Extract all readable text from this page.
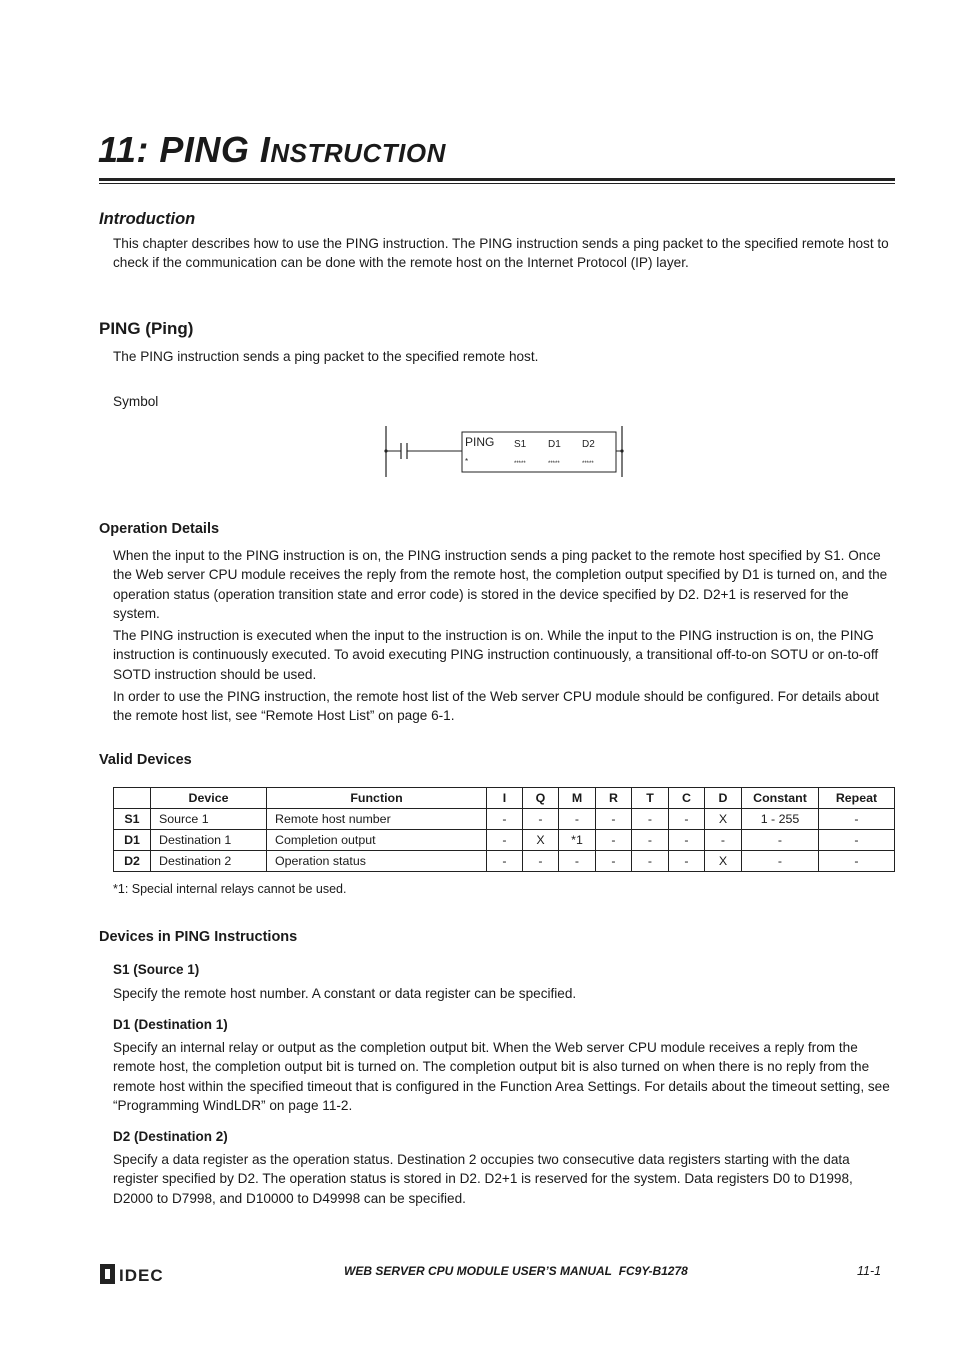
11: PING INSTRUCTION
Introduction
This chapter describes how to use the PING instruction. The PING instruction sends a ping packet to the specified remote host to check if the communication can be done with the remote host on the Internet Protocol (IP) layer.
PING (Ping)
The PING instruction sends a ping packet to the specified remote host.
Symbol
PING S1 D1 D2
*	*****	*****	*****
Operation Details
When the input to the PING instruction is on, the PING instruction sends a ping packet to the remote host specified by S1. Once the Web server CPU module receives the reply from the remote host, the completion output specified by D1 is turned on, and the operation status (operation transition state and error code) is stored in the device specified by D2. D2+1 is reserved for the system.
The PING instruction is executed when the input to the instruction is on. While the input to the PING instruction is on, the PING instruction is continuously executed. To avoid executing PING instruction continuously, a transitional off-to-on SOTU or on-to-off SOTD instruction should be used.
In order to use the PING instruction, the remote host list of the Web server CPU module should be configured. For details about the remote host list, see “Remote Host List” on page 6-1.
Valid Devices
	Device	Function	I	Q	M	R	T	C	D	Constant	Repeat
S1	Source 1	Remote host number	-	-	-	-	-	-	X	1 - 255	-
D1	Destination 1	Completion output	-	X	*1	-	-	-	-	-	-
D2	Destination 2	Operation status	-	-	-	-	-	-	X	-	-
*1: Special internal relays cannot be used.
Devices in PING Instructions
S1 (Source 1)
Specify the remote host number. A constant or data register can be specified.
D1 (Destination 1)
Specify an internal relay or output as the completion output bit. When the Web server CPU module receives a reply from the remote host, the completion output bit is turned on. The completion output bit is also turned on when there is no reply from the remote host within the specified timeout that is configured in the Function Area Settings. For details about the timeout setting, see “Programming WindLDR” on page 11-2.
D2 (Destination 2)
Specify a data register as the operation status. Destination 2 occupies two consecutive data registers starting with the data register specified by D2. The operation status is stored in D2. D2+1 is reserved for the system. Data registers D0 to D1998, D2000 to D7998, and D10000 to D49998 can be specified.
IDEC	WEB SERVER CPU MODULE USER’S MANUAL FC9Y-B1278	11-1
